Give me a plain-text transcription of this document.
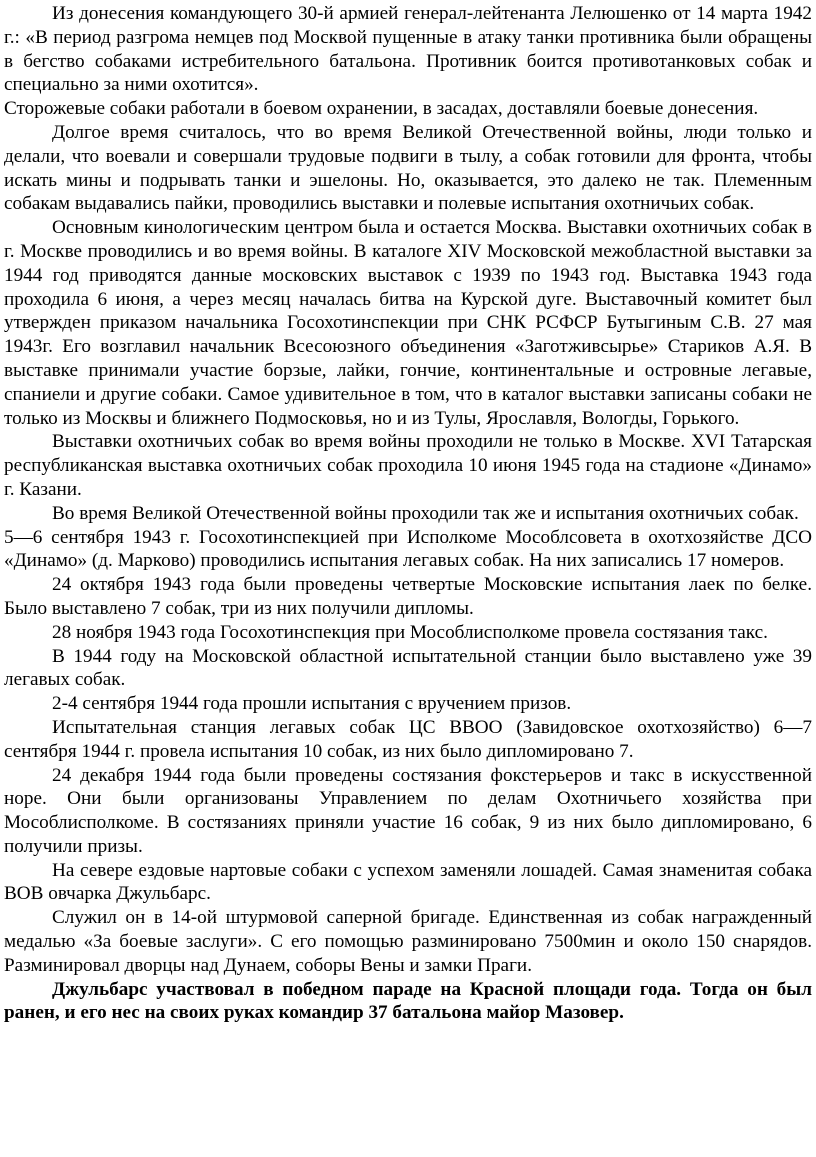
Из донесения командующего 30-й армией генерал-лейтенанта Лелюшенко от 14 марта 1942 г.: «В период разгрома немцев под Москвой пущенные в атаку танки противника были обращены в бегство собаками истребительного батальона. Противник боится противотанковых собак и специально за ними охотится».

Сторожевые собаки работали в боевом охранении, в засадах, доставляли боевые донесения.

Долгое время считалось, что во время Великой Отечественной войны, люди только и делали, что воевали и совершали трудовые подвиги в тылу, а собак готовили для фронта, чтобы искать мины и подрывать танки и эшелоны. Но, оказывается, это далеко не так. Племенным собакам выдавались пайки, проводились выставки и полевые испытания охотничьих собак.

Основным кинологическим центром была и остается Москва. Выставки охотничьих собак в г. Москве проводились и во время войны. В каталоге XIV Московской межобластной выставки за 1944 год приводятся данные московских выставок с 1939 по 1943 год. Выставка 1943 года проходила 6 июня, а через месяц началась битва на Курской дуге. Выставочный комитет был утвержден приказом начальника Госохотинспекции при СНК РСФСР Бутыгиным С.В. 27 мая 1943г. Его возглавил начальник Всесоюзного объединения «Заготживсырье» Стариков А.Я. В выставке принимали участие борзые, лайки, гончие, континентальные и островные легавые, спаниели и другие собаки. Самое удивительное в том, что в каталог выставки записаны собаки не только из Москвы и ближнего Подмосковья, но и из Тулы, Ярославля, Вологды, Горького.

Выставки охотничьих собак во время войны проходили не только в Москве. XVI Татарская республиканская выставка охотничьих собак проходила 10 июня 1945 года на стадионе «Динамо» г. Казани.

Во время Великой Отечественной войны проходили так же и испытания охотничьих собак.

5—6 сентября 1943 г. Госохотинспекцией при Исполкоме Мособлсовета в охотхозяйстве ДСО «Динамо» (д. Марково) проводились испытания легавых собак. На них записались 17 номеров.

24 октября 1943 года были проведены четвертые Московские испытания лаек по белке. Было выставлено 7 собак, три из них получили дипломы.

28 ноября 1943 года Госохотинспекция при Мособлисполкоме провела состязания такс.

В 1944 году на Московской областной испытательной станции было выставлено уже 39 легавых собак.

2-4 сентября 1944 года прошли испытания с вручением призов.

Испытательная станция легавых собак ЦС ВВОО (Завидовское охотхозяйство) 6—7 сентября 1944 г. провела испытания 10 собак, из них было дипломировано 7.

24 декабря 1944 года были проведены состязания фокстерьеров и такс в искусственной норе. Они были организованы Управлением по делам Охотничьего хозяйства при Мособлисполкоме. В состязаниях приняли участие 16 собак, 9 из них было дипломировано, 6 получили призы.

На севере ездовые нартовые собаки с успехом заменяли лошадей. Самая знаменитая собака ВОВ овчарка Джульбарс.

Служил он в 14-ой штурмовой саперной бригаде. Единственная из собак награжденный медалью «За боевые заслуги». С его помощью разминировано 7500мин и около 150 снарядов. Разминировал дворцы над Дунаем, соборы Вены и замки Праги.

Джульбарс участвовал в победном параде на Красной площади года. Тогда он был ранен, и его нес на своих руках командир 37 батальона майор Мазовер.
